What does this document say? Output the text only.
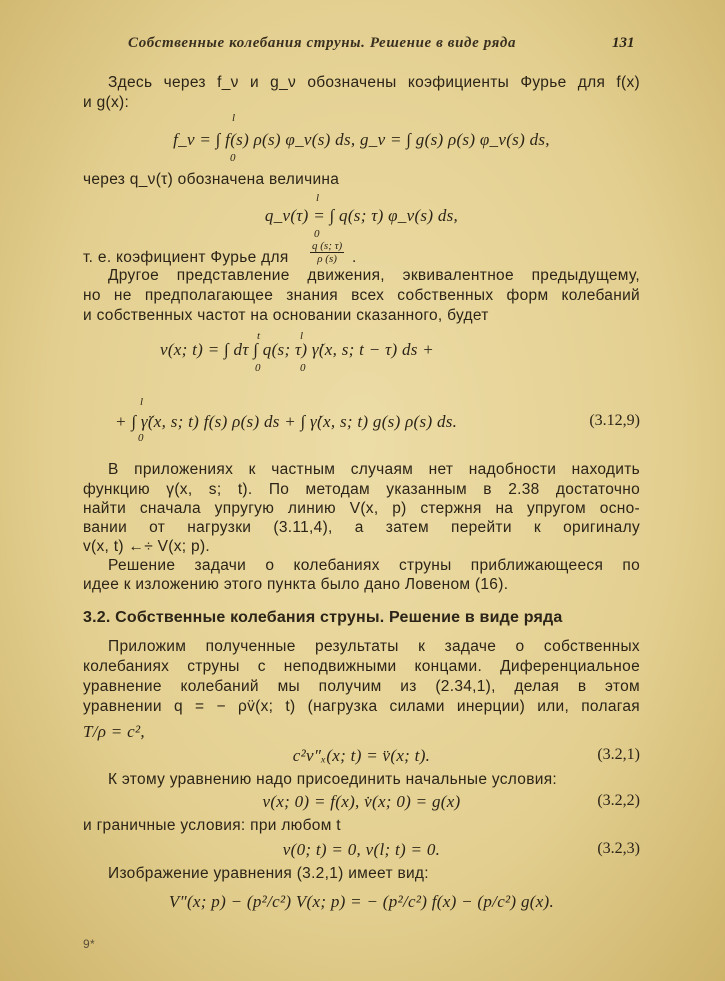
Собственные колебания струны. Решение в виде ряда	131
Здесь через f_ν и g_ν обозначены коэфициенты Фурье для f(x)
и g(x):
l
f_ν = ∫ f(s) ρ(s) φ_ν(s) ds, g_ν = ∫ g(s) ρ(s) φ_ν(s) ds,
0
через q_ν(τ) обозначена величина
l
q_ν(τ) = ∫ q(s; τ) φ_ν(s) ds,
0
т. е. коэфициент Фурье для	$\frac{q (s; \tau)}{\rho (s)}$ .
Другое представление движения, эквивалентное предыдущему,
но не предполагающее знания всех собственных форм колебаний
и собственных частот на основании сказанного, будет
t	l
v(x; t) = ∫ dτ ∫ q(s; τ) γ̇(x, s; t − τ) ds +
0	0
l
+ ∫ γ̈(x, s; t) f(s) ρ(s) ds + ∫ γ̇(x, s; t) g(s) ρ(s) ds.	(3.12,9)
0
В приложениях к частным случаям нет надобности находить
функцию γ(x, s; t). По методам указанным в 2.38 достаточно
найти сначала упругую линию V(x, p) стержня на упругом осно-
вании от нагрузки (3.11,4), а затем перейти к оригиналу
v(x, t) ←÷ V(x; p).
Решение задачи о колебаниях струны приближающееся по
идее к изложению этого пункта было дано Ловеном (16).
3.2. Собственные колебания струны. Решение в виде ряда
Приложим полученные результаты к задаче о собственных
колебаниях струны с неподвижными концами. Диференциальное
уравнение колебаний мы получим из (2.34,1), делая в этом
уравнении q = − ρv̈(x; t) (нагрузка силами инерции) или, полагая
T/ρ = c²,
c²v″ₓ(x; t) = v̈(x; t).	(3.2,1)
К этому уравнению надо присоединить начальные условия:
v(x; 0) = f(x), v̇(x; 0) = g(x)	(3.2,2)
и граничные условия: при любом t
v(0; t) = 0, v(l; t) = 0.	(3.2,3)
Изображение уравнения (3.2,1) имеет вид:
V″(x; p) − (p²/c²) V(x; p) = − (p²/c²) f(x) − (p/c²) g(x).
9*
